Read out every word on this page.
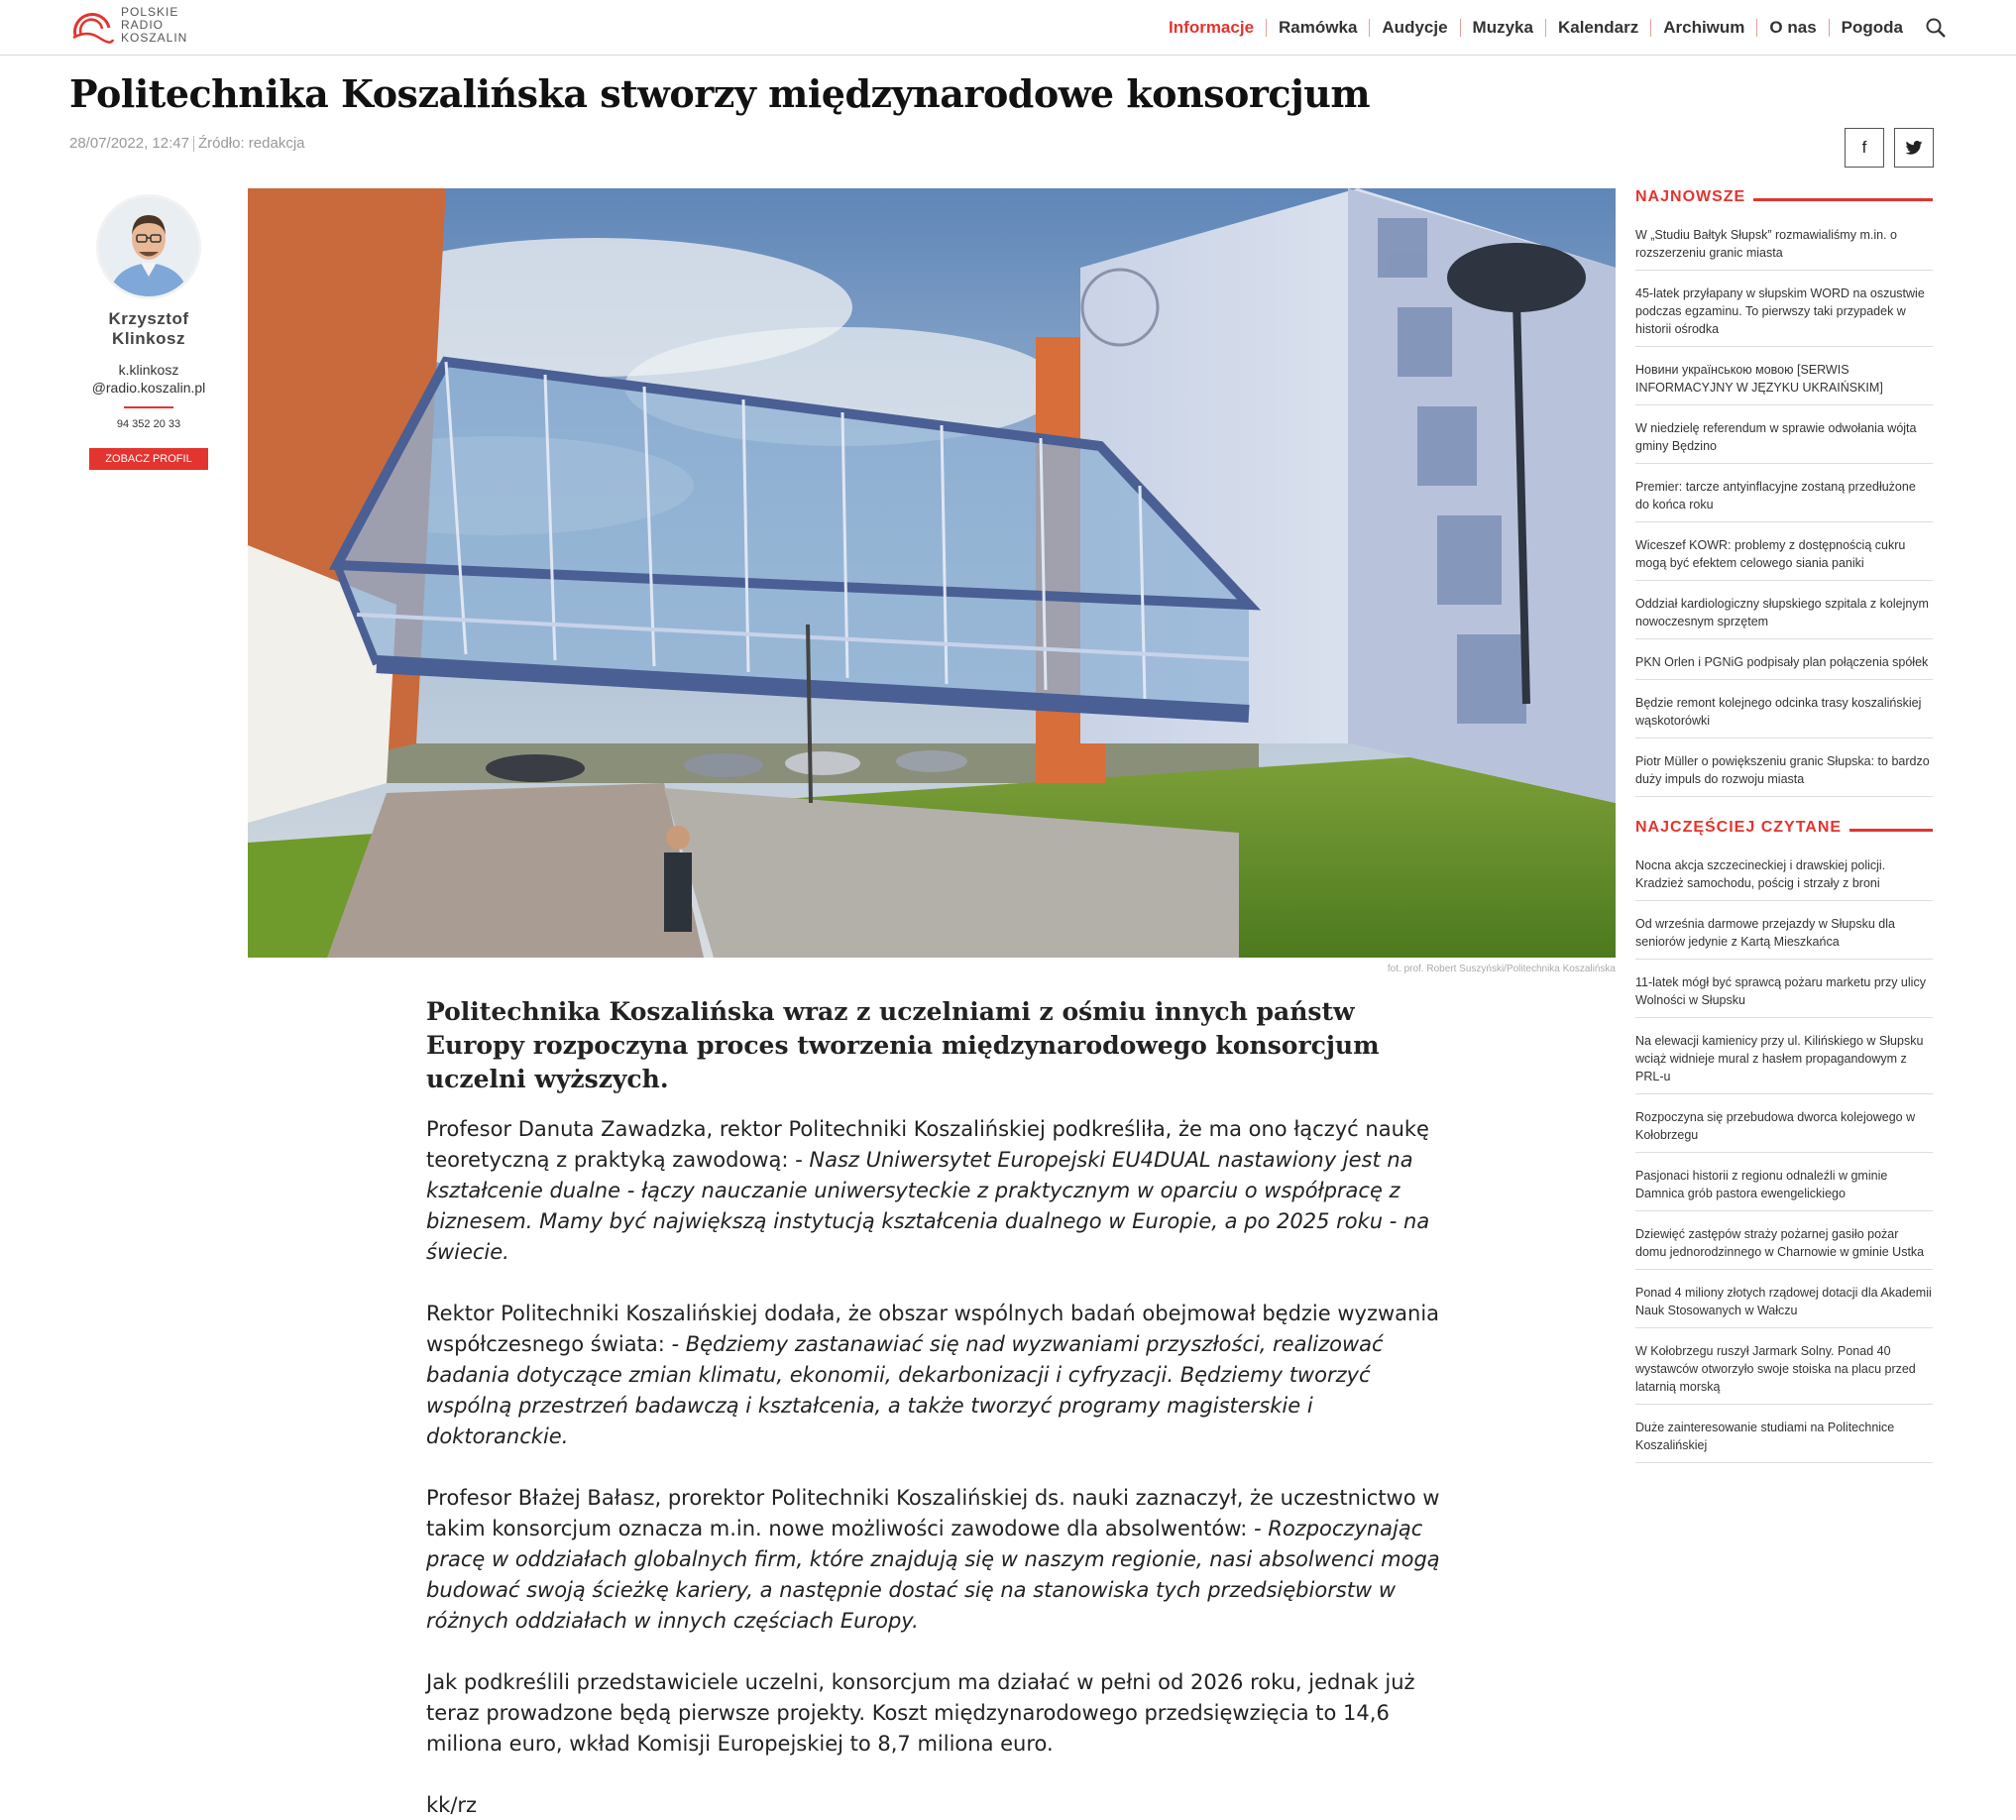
POLSKIE
RADIO
KOSZALIN
Informacje	Ramówka	Audycje	Muzyka	Kalendarz	Archiwum	O nas	Pogoda
Politechnika Koszalińska stworzy międzynarodowe konsorcjum
28/07/2022, 12:47 Źródło: redakcja	f
Krzysztof Klinkosz
k.klinkosz
@radio.koszalin.pl
94 352 20 33
ZOBACZ PROFIL
fot. prof. Robert Suszyński/Politechnika Koszalińska
Politechnika Koszalińska wraz z uczelniami z ośmiu innych państw Europy rozpoczyna proces tworzenia międzynarodowego konsorcjum uczelni wyższych.

Profesor Danuta Zawadzka, rektor Politechniki Koszalińskiej podkreśliła, że ma ono łączyć naukę teoretyczną z praktyką zawodową: - Nasz Uniwersytet Europejski EU4DUAL nastawiony jest na kształcenie dualne - łączy nauczanie uniwersyteckie z praktycznym w oparciu o współpracę z biznesem. Mamy być największą instytucją kształcenia dualnego w Europie, a po 2025 roku - na świecie.

Rektor Politechniki Koszalińskiej dodała, że obszar wspólnych badań obejmował będzie wyzwania współczesnego świata: - Będziemy zastanawiać się nad wyzwaniami przyszłości, realizować badania dotyczące zmian klimatu, ekonomii, dekarbonizacji i cyfryzacji. Będziemy tworzyć wspólną przestrzeń badawczą i kształcenia, a także tworzyć programy magisterskie i doktoranckie.

Profesor Błażej Bałasz, prorektor Politechniki Koszalińskiej ds. nauki zaznaczył, że uczestnictwo w takim konsorcjum oznacza m.in. nowe możliwości zawodowe dla absolwentów: - Rozpoczynając pracę w oddziałach globalnych firm, które znajdują się w naszym regionie, nasi absolwenci mogą budować swoją ścieżkę kariery, a następnie dostać się na stanowiska tych przedsiębiorstw w różnych oddziałach w innych częściach Europy.

Jak podkreślili przedstawiciele uczelni, konsorcjum ma działać w pełni od 2026 roku, jednak już teraz prowadzone będą pierwsze projekty. Koszt międzynarodowego przedsięwzięcia to 14,6 miliona euro, wkład Komisji Europejskiej to 8,7 miliona euro.

kk/rz

NAJNOWSZE
W „Studiu Bałtyk Słupsk” rozmawialiśmy m.in. o rozszerzeniu granic miasta
45-latek przyłapany w słupskim WORD na oszustwie podczas egzaminu. To pierwszy taki przypadek w historii ośrodka
Новини українською мовою [SERWIS INFORMACYJNY W JĘZYKU UKRAIŃSKIM]
W niedzielę referendum w sprawie odwołania wójta gminy Będzino
Premier: tarcze antyinflacyjne zostaną przedłużone do końca roku
Wiceszef KOWR: problemy z dostępnością cukru mogą być efektem celowego siania paniki
Oddział kardiologiczny słupskiego szpitala z kolejnym nowoczesnym sprzętem
PKN Orlen i PGNiG podpisały plan połączenia spółek
Będzie remont kolejnego odcinka trasy koszalińskiej wąskotorówki
Piotr Müller o powiększeniu granic Słupska: to bardzo duży impuls do rozwoju miasta
NAJCZĘŚCIEJ CZYTANE
Nocna akcja szczecineckiej i drawskiej policji. Kradzież samochodu, pościg i strzały z broni
Od września darmowe przejazdy w Słupsku dla seniorów jedynie z Kartą Mieszkańca
11-latek mógł być sprawcą pożaru marketu przy ulicy Wolności w Słupsku
Na elewacji kamienicy przy ul. Kilińskiego w Słupsku wciąż widnieje mural z hasłem propagandowym z PRL-u
Rozpoczyna się przebudowa dworca kolejowego w Kołobrzegu
Pasjonaci historii z regionu odnaleźli w gminie Damnica grób pastora ewengelickiego
Dziewięć zastępów straży pożarnej gasiło pożar domu jednorodzinnego w Charnowie w gminie Ustka
Ponad 4 miliony złotych rządowej dotacji dla Akademii Nauk Stosowanych w Wałczu
W Kołobrzegu ruszył Jarmark Solny. Ponad 40 wystawców otworzyło swoje stoiska na placu przed latarnią morską
Duże zainteresowanie studiami na Politechnice Koszalińskiej
